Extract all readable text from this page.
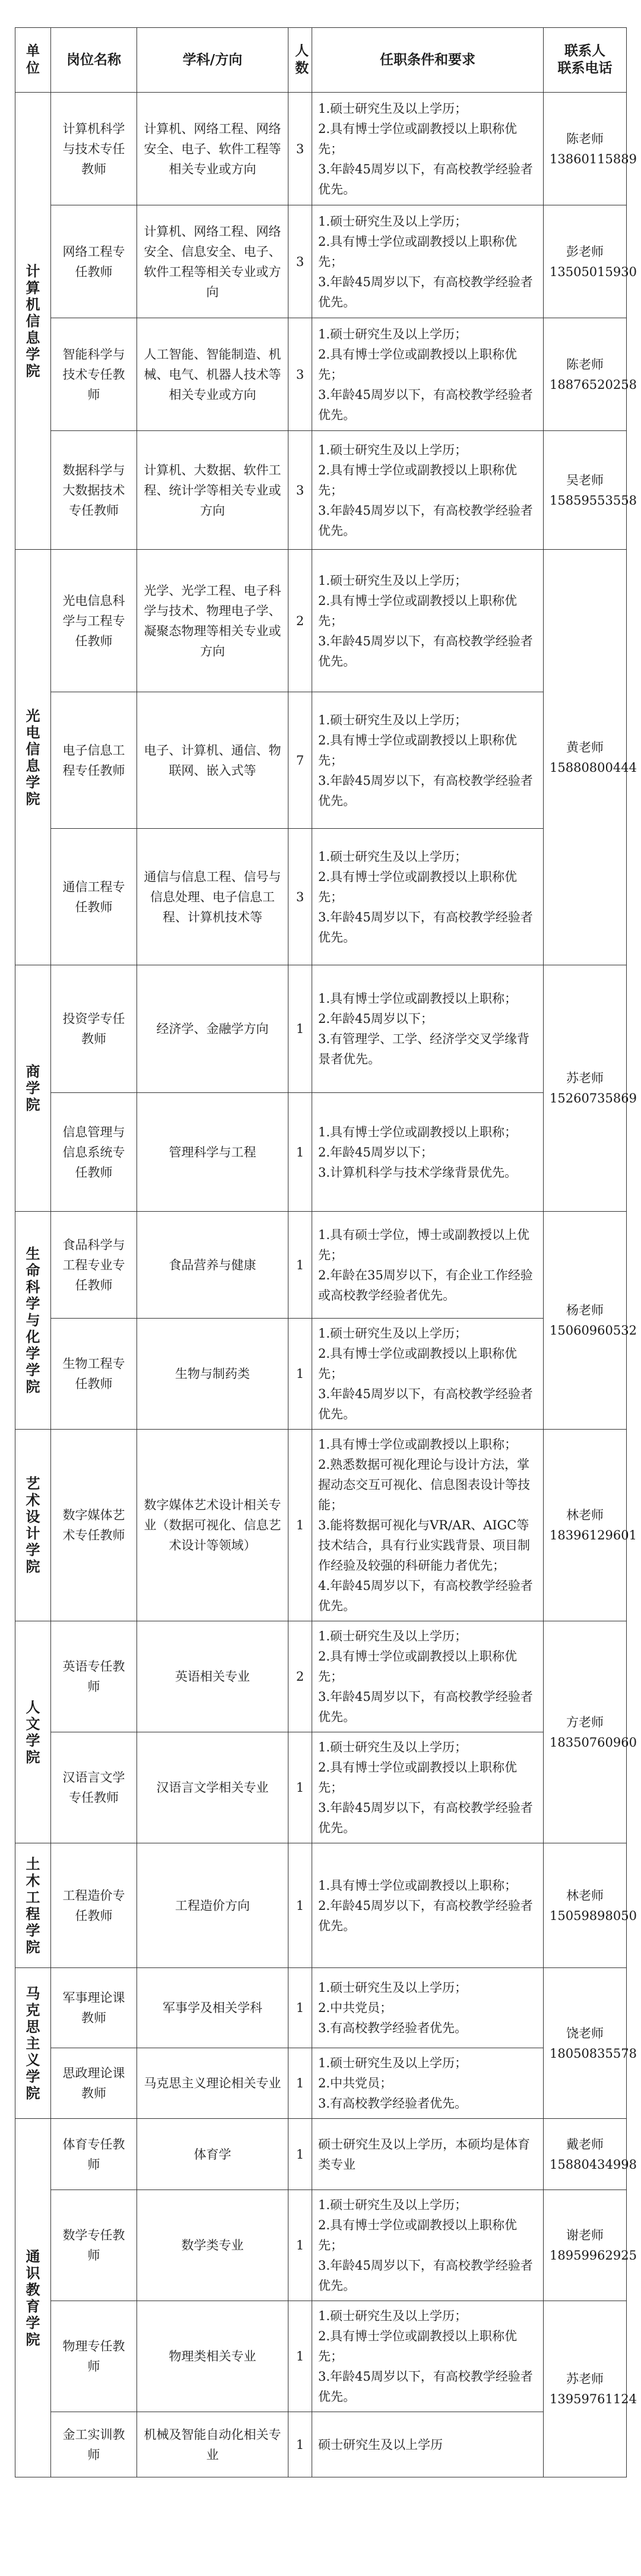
单位	岗位名称	学科/方向	人数	任职条件和要求	联系人
联系电话
计算机信息学院	计算机科学与技术专任教师	计算机、网络工程、网络安全、电子、软件工程等相关专业或方向	3	1.硕士研究生及以上学历；
2.具有博士学位或副教授以上职称优先；
3.年龄45周岁以下，有高校教学经验者优先。	陈老师
13860115889

	网络工程专任教师	计算机、网络工程、网络安全、信息安全、电子、软件工程等相关专业或方向	3	1.硕士研究生及以上学历；
2.具有博士学位或副教授以上职称优先；
3.年龄45周岁以下，有高校教学经验者优先。	彭老师
13505015930

	智能科学与技术专任教师	人工智能、智能制造、机械、电气、机器人技术等相关专业或方向	3	1.硕士研究生及以上学历；
2.具有博士学位或副教授以上职称优先；
3.年龄45周岁以下，有高校教学经验者优先。	陈老师
18876520258

	数据科学与大数据技术专任教师	计算机、大数据、软件工程、统计学等相关专业或方向	3	1.硕士研究生及以上学历；
2.具有博士学位或副教授以上职称优先；
3.年龄45周岁以下，有高校教学经验者优先。	吴老师
15859553558

光电信息学院	光电信息科学与工程专任教师	光学、光学工程、电子科学与技术、物理电子学、凝聚态物理等相关专业或方向	2	1.硕士研究生及以上学历；
2.具有博士学位或副教授以上职称优先；
3.年龄45周岁以下，有高校教学经验者优先。	黄老师
15880800444

	电子信息工程专任教师	电子、计算机、通信、物联网、嵌入式等	7	1.硕士研究生及以上学历；
2.具有博士学位或副教授以上职称优先；
3.年龄45周岁以下，有高校教学经验者优先。	

	通信工程专任教师	通信与信息工程、信号与信息处理、电子信息工程、计算机技术等	3	1.硕士研究生及以上学历；
2.具有博士学位或副教授以上职称优先；
3.年龄45周岁以下，有高校教学经验者优先。	

商学院	投资学专任教师	经济学、金融学方向	1	1.具有博士学位或副教授以上职称；
2.年龄45周岁以下；
3.有管理学、工学、经济学交叉学缘背景者优先。	苏老师
15260735869

	信息管理与信息系统专任教师	管理科学与工程	1	1.具有博士学位或副教授以上职称；
2.年龄45周岁以下；
3.计算机科学与技术学缘背景优先。	

生命科学与化学学院	食品科学与工程专业专任教师	食品营养与健康	1	1.具有硕士学位，博士或副教授以上优先；
2.年龄在35周岁以下，有企业工作经验或高校教学经验者优先。	杨老师
15060960532

	生物工程专任教师	生物与制药类	1	1.硕士研究生及以上学历；
2.具有博士学位或副教授以上职称优先；
3.年龄45周岁以下，有高校教学经验者优先。	

艺术设计学院	数字媒体艺术专任教师	数字媒体艺术设计相关专业（数据可视化、信息艺术设计等领域）	1	1.具有博士学位或副教授以上职称；
2.熟悉数据可视化理论与设计方法，掌握动态交互可视化、信息图表设计等技能；
3.能将数据可视化与VR/AR、AIGC等技术结合，具有行业实践背景、项目制作经验及较强的科研能力者优先；
4.年龄45周岁以下，有高校教学经验者优先。	林老师
18396129601

人文学院	英语专任教师	英语相关专业	2	1.硕士研究生及以上学历；
2.具有博士学位或副教授以上职称优先；
3.年龄45周岁以下，有高校教学经验者优先。	方老师
18350760960

	汉语言文学专任教师	汉语言文学相关专业	1	1.硕士研究生及以上学历；
2.具有博士学位或副教授以上职称优先；
3.年龄45周岁以下，有高校教学经验者优先。	

土木工程学院	工程造价专任教师	工程造价方向	1	1.具有博士学位或副教授以上职称；
2.年龄45周岁以下，有高校教学经验者优先。	林老师
15059898050

马克思主义学院	军事理论课教师	军事学及相关学科	1	1.硕士研究生及以上学历；
2.中共党员；
3.有高校教学经验者优先。	饶老师
18050835578

	思政理论课教师	马克思主义理论相关专业	1	1.硕士研究生及以上学历；
2.中共党员；
3.有高校教学经验者优先。	

通识教育学院	体育专任教师	体育学	1	硕士研究生及以上学历，本硕均是体育类专业	戴老师
15880434998

	数学专任教师	数学类专业	1	1.硕士研究生及以上学历；
2.具有博士学位或副教授以上职称优先；
3.年龄45周岁以下，有高校教学经验者优先。	谢老师
18959962925

	物理专任教师	物理类相关专业	1	1.硕士研究生及以上学历；
2.具有博士学位或副教授以上职称优先；
3.年龄45周岁以下，有高校教学经验者优先。	苏老师
13959761124

	金工实训教师	机械及智能自动化相关专业	1	硕士研究生及以上学历	
